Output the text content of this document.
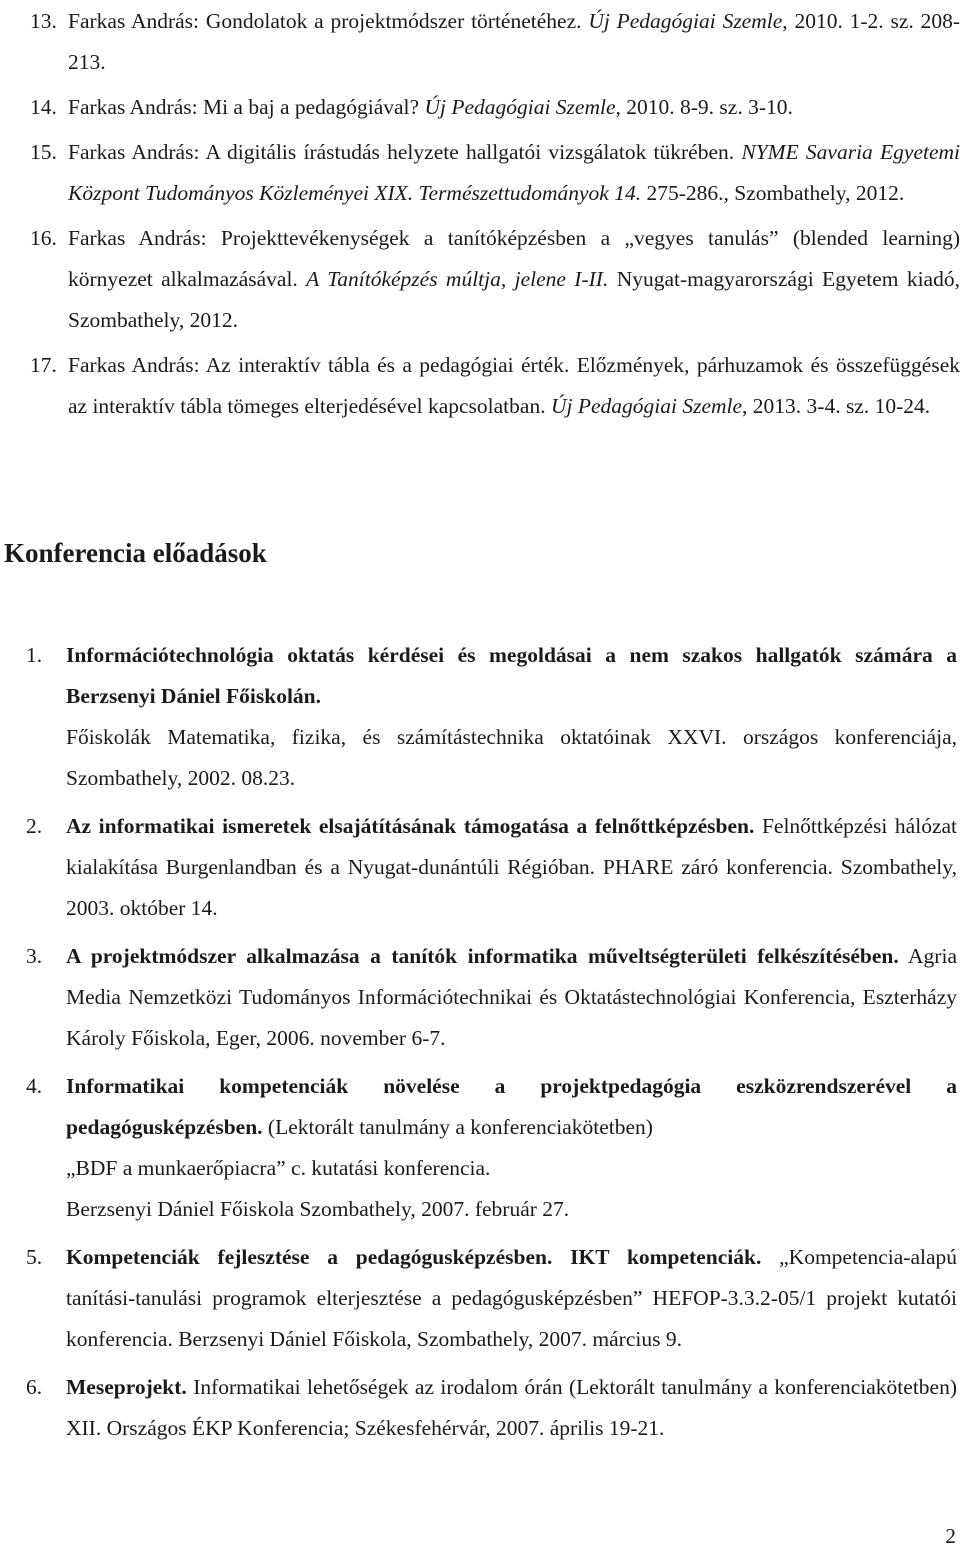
13. Farkas András: Gondolatok a projektmódszer történetéhez. Új Pedagógiai Szemle, 2010. 1-2. sz. 208-213.

14. Farkas András: Mi a baj a pedagógiával? Új Pedagógiai Szemle, 2010. 8-9. sz. 3-10.

15. Farkas András: A digitális írástudás helyzete hallgatói vizsgálatok tükrében. NYME Savaria Egyetemi Központ Tudományos Közleményei XIX. Természettudományok 14. 275-286., Szombathely, 2012.

16. Farkas András: Projekttevékenységek a tanítóképzésben a „vegyes tanulás” (blended learning) környezet alkalmazásával. A Tanítóképzés múltja, jelene I-II. Nyugat-magyarországi Egyetem kiadó, Szombathely, 2012.

17. Farkas András: Az interaktív tábla és a pedagógiai érték. Előzmények, párhuzamok és összefüggések az interaktív tábla tömeges elterjedésével kapcsolatban. Új Pedagógiai Szemle, 2013. 3-4. sz. 10-24.

Konferencia előadások

1. Információtechnológia oktatás kérdései és megoldásai a nem szakos hallgatók számára a Berzsenyi Dániel Főiskolán.
Főiskolák Matematika, fizika, és számítástechnika oktatóinak XXVI. országos konferenciája, Szombathely, 2002. 08.23.

2. Az informatikai ismeretek elsajátításának támogatása a felnőttképzésben. Felnőttképzési hálózat kialakítása Burgenlandban és a Nyugat-dunántúli Régióban. PHARE záró konferencia. Szombathely, 2003. október 14.

3. A projektmódszer alkalmazása a tanítók informatika műveltségterületi felkészítésében. Agria Media Nemzetközi Tudományos Információtechnikai és Oktatástechnológiai Konferencia, Eszterházy Károly Főiskola, Eger, 2006. november 6-7.

4. Informatikai kompetenciák növelése a projektpedagógia eszközrendszerével a pedagógusképzésben. (Lektorált tanulmány a konferenciakötetben)
„BDF a munkaerőpiacra” c. kutatási konferencia.
Berzsenyi Dániel Főiskola Szombathely, 2007. február 27.

5. Kompetenciák fejlesztése a pedagógusképzésben. IKT kompetenciák. „Kompetencia-alapú tanítási-tanulási programok elterjesztése a pedagógusképzésben” HEFOP-3.3.2-05/1 projekt kutatói konferencia. Berzsenyi Dániel Főiskola, Szombathely, 2007. március 9.

6. Meseprojekt. Informatikai lehetőségek az irodalom órán (Lektorált tanulmány a konferenciakötetben) XII. Országos ÉKP Konferencia; Székesfehérvár, 2007. április 19-21.

2
